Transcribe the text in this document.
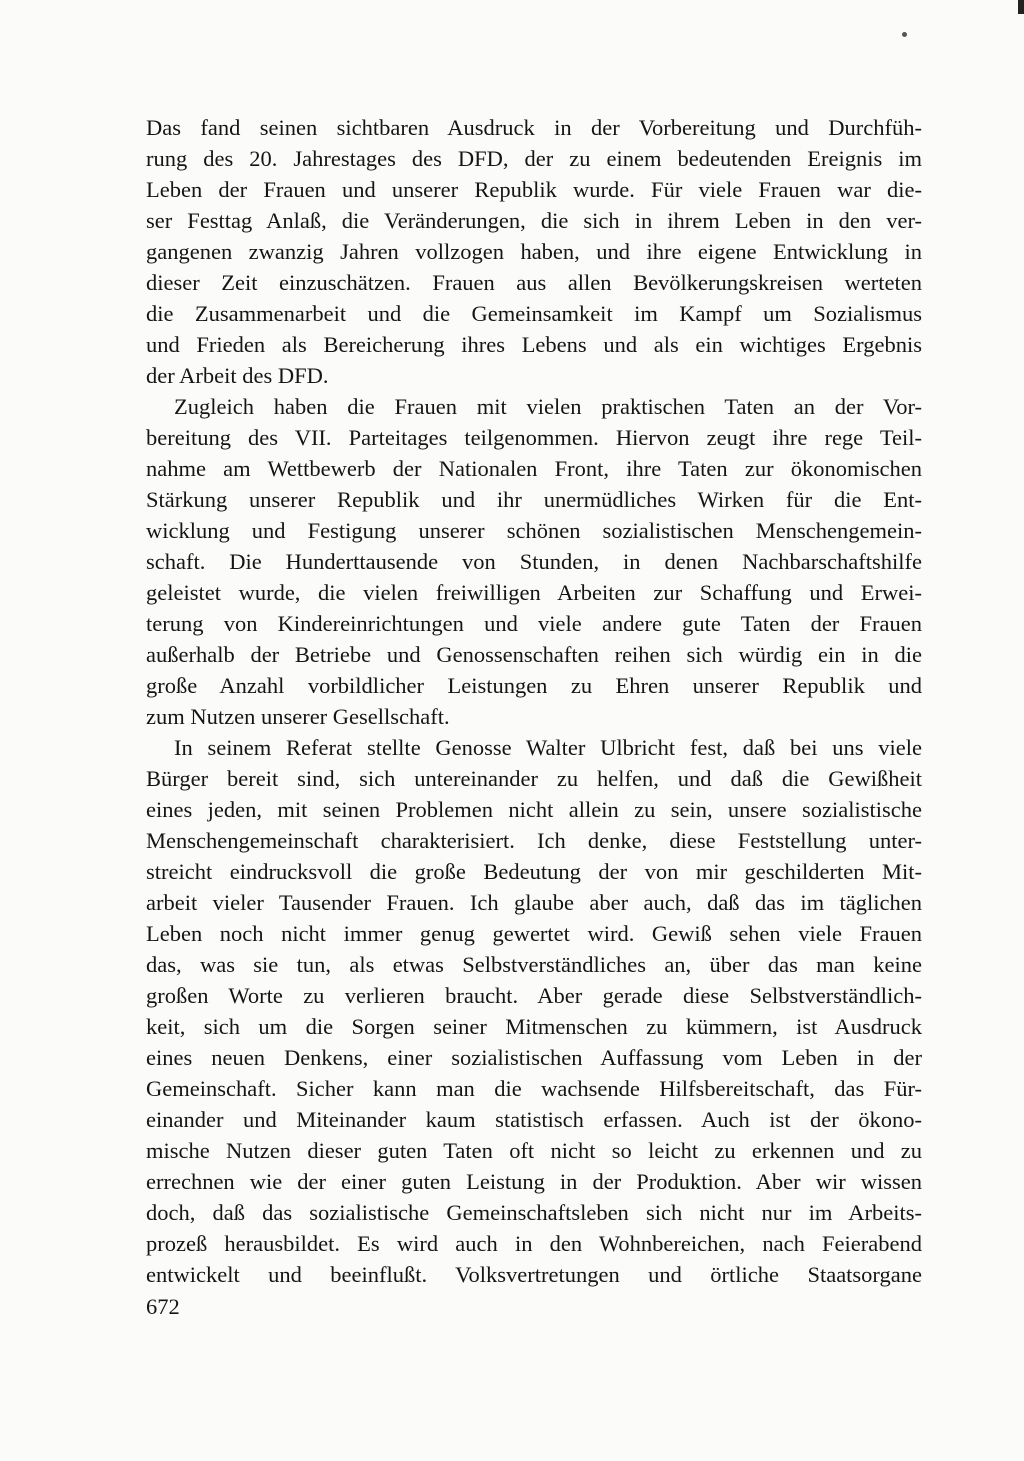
Das fand seinen sichtbaren Ausdruck in der Vorbereitung und Durchfüh-
rung des 20. Jahrestages des DFD, der zu einem bedeutenden Ereignis im
Leben der Frauen und unserer Republik wurde. Für viele Frauen war die-
ser Festtag Anlaß, die Veränderungen, die sich in ihrem Leben in den ver-
gangenen zwanzig Jahren vollzogen haben, und ihre eigene Entwicklung in
dieser Zeit einzuschätzen. Frauen aus allen Bevölkerungskreisen werteten
die Zusammenarbeit und die Gemeinsamkeit im Kampf um Sozialismus
und Frieden als Bereicherung ihres Lebens und als ein wichtiges Ergebnis
der Arbeit des DFD.

Zugleich haben die Frauen mit vielen praktischen Taten an der Vor-
bereitung des VII. Parteitages teilgenommen. Hiervon zeugt ihre rege Teil-
nahme am Wettbewerb der Nationalen Front, ihre Taten zur ökonomischen
Stärkung unserer Republik und ihr unermüdliches Wirken für die Ent-
wicklung und Festigung unserer schönen sozialistischen Menschengemein-
schaft. Die Hunderttausende von Stunden, in denen Nachbarschaftshilfe
geleistet wurde, die vielen freiwilligen Arbeiten zur Schaffung und Erwei-
terung von Kindereinrichtungen und viele andere gute Taten der Frauen
außerhalb der Betriebe und Genossenschaften reihen sich würdig ein in die
große Anzahl vorbildlicher Leistungen zu Ehren unserer Republik und
zum Nutzen unserer Gesellschaft.

In seinem Referat stellte Genosse Walter Ulbricht fest, daß bei uns viele
Bürger bereit sind, sich untereinander zu helfen, und daß die Gewißheit
eines jeden, mit seinen Problemen nicht allein zu sein, unsere sozialistische
Menschengemeinschaft charakterisiert. Ich denke, diese Feststellung unter-
streicht eindrucksvoll die große Bedeutung der von mir geschilderten Mit-
arbeit vieler Tausender Frauen. Ich glaube aber auch, daß das im täglichen
Leben noch nicht immer genug gewertet wird. Gewiß sehen viele Frauen
das, was sie tun, als etwas Selbstverständliches an, über das man keine
großen Worte zu verlieren braucht. Aber gerade diese Selbstverständlich-
keit, sich um die Sorgen seiner Mitmenschen zu kümmern, ist Ausdruck
eines neuen Denkens, einer sozialistischen Auffassung vom Leben in der
Gemeinschaft. Sicher kann man die wachsende Hilfsbereitschaft, das Für-
einander und Miteinander kaum statistisch erfassen. Auch ist der ökono-
mische Nutzen dieser guten Taten oft nicht so leicht zu erkennen und zu
errechnen wie der einer guten Leistung in der Produktion. Aber wir wissen
doch, daß das sozialistische Gemeinschaftsleben sich nicht nur im Arbeits-
prozeß herausbildet. Es wird auch in den Wohnbereichen, nach Feierabend
entwickelt und beeinflußt. Volksvertretungen und örtliche Staatsorgane

672
